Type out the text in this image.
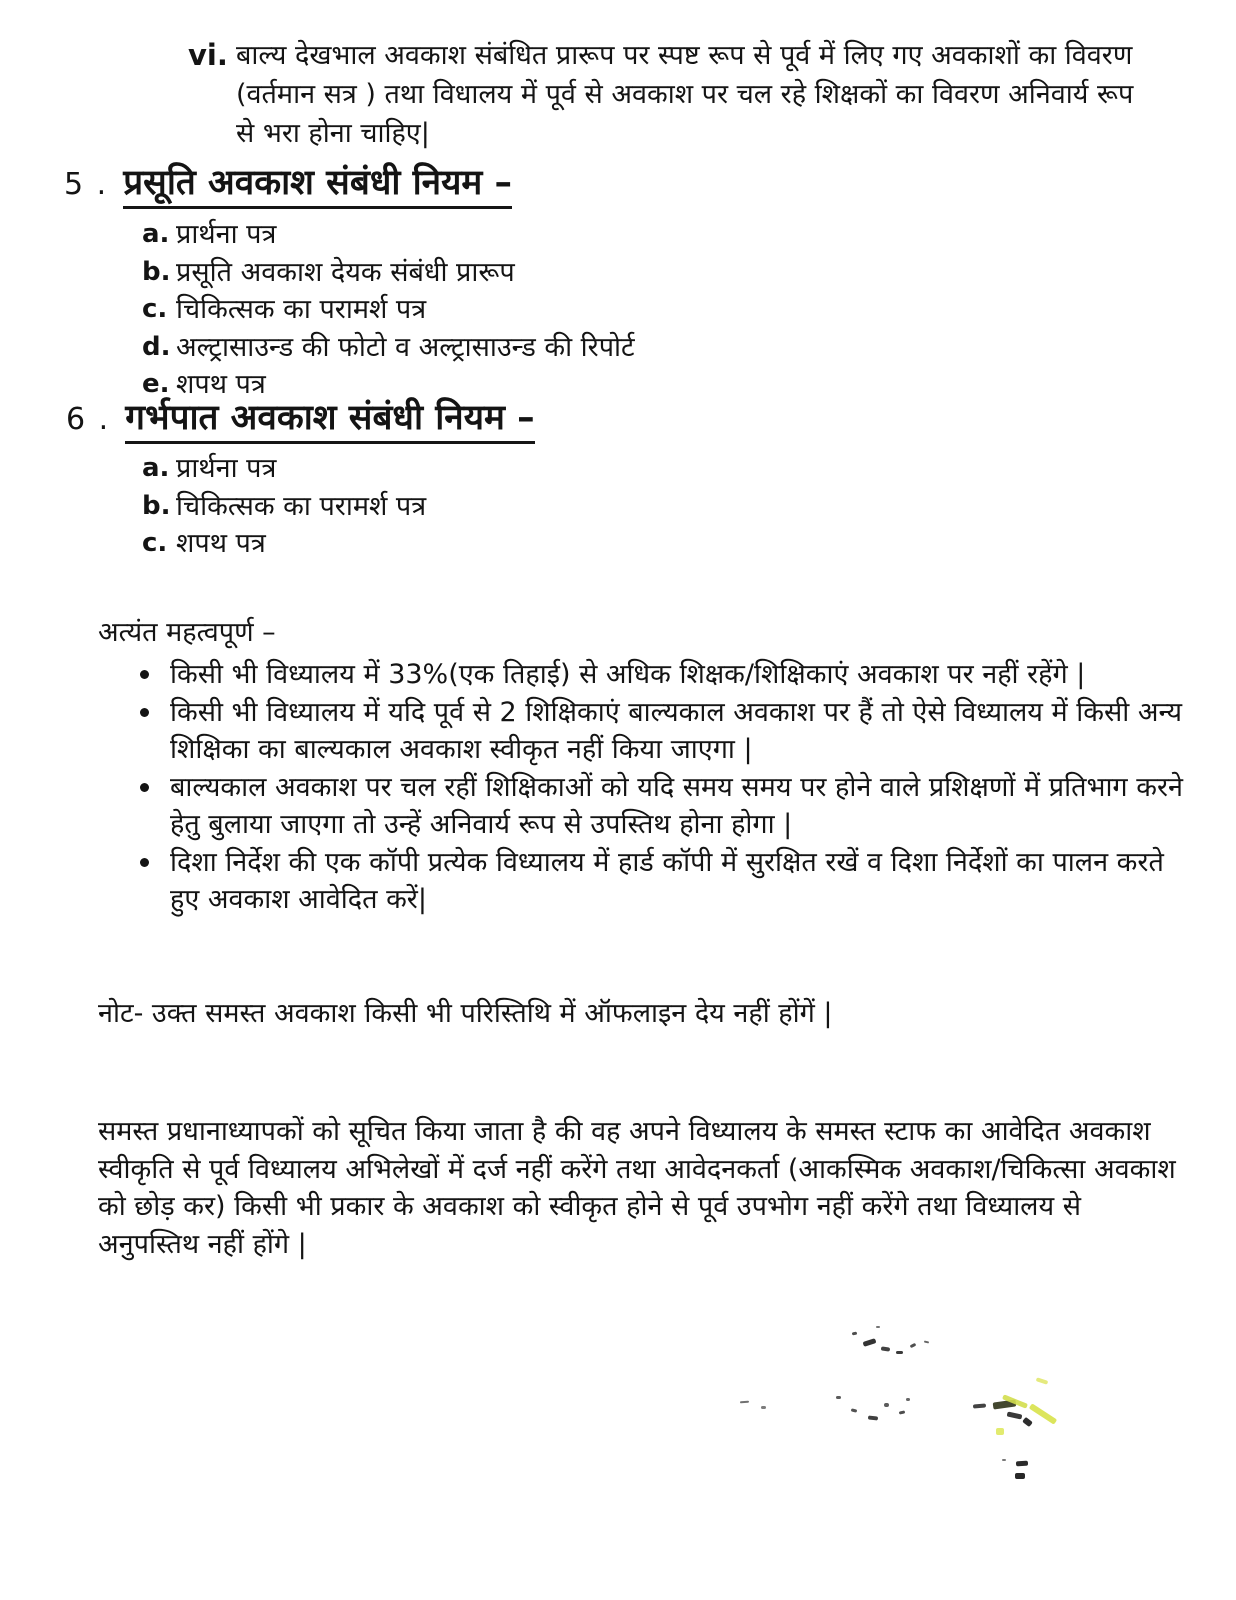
vi. बाल्य देखभाल अवकाश संबंधित प्रारूप पर स्पष्ट रूप से पूर्व में लिए गए अवकाशों का विवरण (वर्तमान सत्र ) तथा विधालय में पूर्व से अवकाश पर चल रहे शिक्षकों का विवरण अनिवार्य रूप से भरा होना चाहिए|
5 . प्रसूति अवकाश संबंधी नियम –
a. प्रार्थना पत्र
b. प्रसूति अवकाश देयक संबंधी प्रारूप
c. चिकित्सक का परामर्श पत्र
d. अल्ट्रासाउन्ड की फोटो व अल्ट्रासाउन्ड की रिपोर्ट
e. शपथ पत्र
6 . गर्भपात अवकाश संबंधी नियम –
a. प्रार्थना पत्र
b. चिकित्सक का परामर्श पत्र
c. शपथ पत्र

अत्यंत महत्वपूर्ण –

किसी भी विध्यालय में 33%(एक तिहाई) से अधिक शिक्षक/शिक्षिकाएं अवकाश पर नहीं रहेंगे |
किसी भी विध्यालय में यदि पूर्व से 2 शिक्षिकाएं बाल्यकाल अवकाश पर हैं तो ऐसे विध्यालय में किसी अन्य शिक्षिका का बाल्यकाल अवकाश स्वीकृत नहीं किया जाएगा |
बाल्यकाल अवकाश पर चल रहीं शिक्षिकाओं को यदि समय समय पर होने वाले प्रशिक्षणों में प्रतिभाग करने हेतु बुलाया जाएगा तो उन्हें अनिवार्य रूप से उपस्तिथ होना होगा |
दिशा निर्देश की एक कॉपी प्रत्येक विध्यालय में हार्ड कॉपी में सुरक्षित रखें व दिशा निर्देशों का पालन करते हुए अवकाश आवेदित करें|

नोट- उक्त समस्त अवकाश किसी भी परिस्तिथि में ऑफलाइन देय नहीं होंगें |

समस्त प्रधानाध्यापकों को सूचित किया जाता है की वह अपने विध्यालय के समस्त स्टाफ का आवेदित अवकाश स्वीकृति से पूर्व विध्यालय अभिलेखों में दर्ज नहीं करेंगे तथा आवेदनकर्ता (आकस्मिक अवकाश/चिकित्सा अवकाश को छोड़ कर) किसी भी प्रकार के अवकाश को स्वीकृत होने से पूर्व उपभोग नहीं करेंगे तथा विध्यालय से अनुपस्तिथ नहीं होंगे |
